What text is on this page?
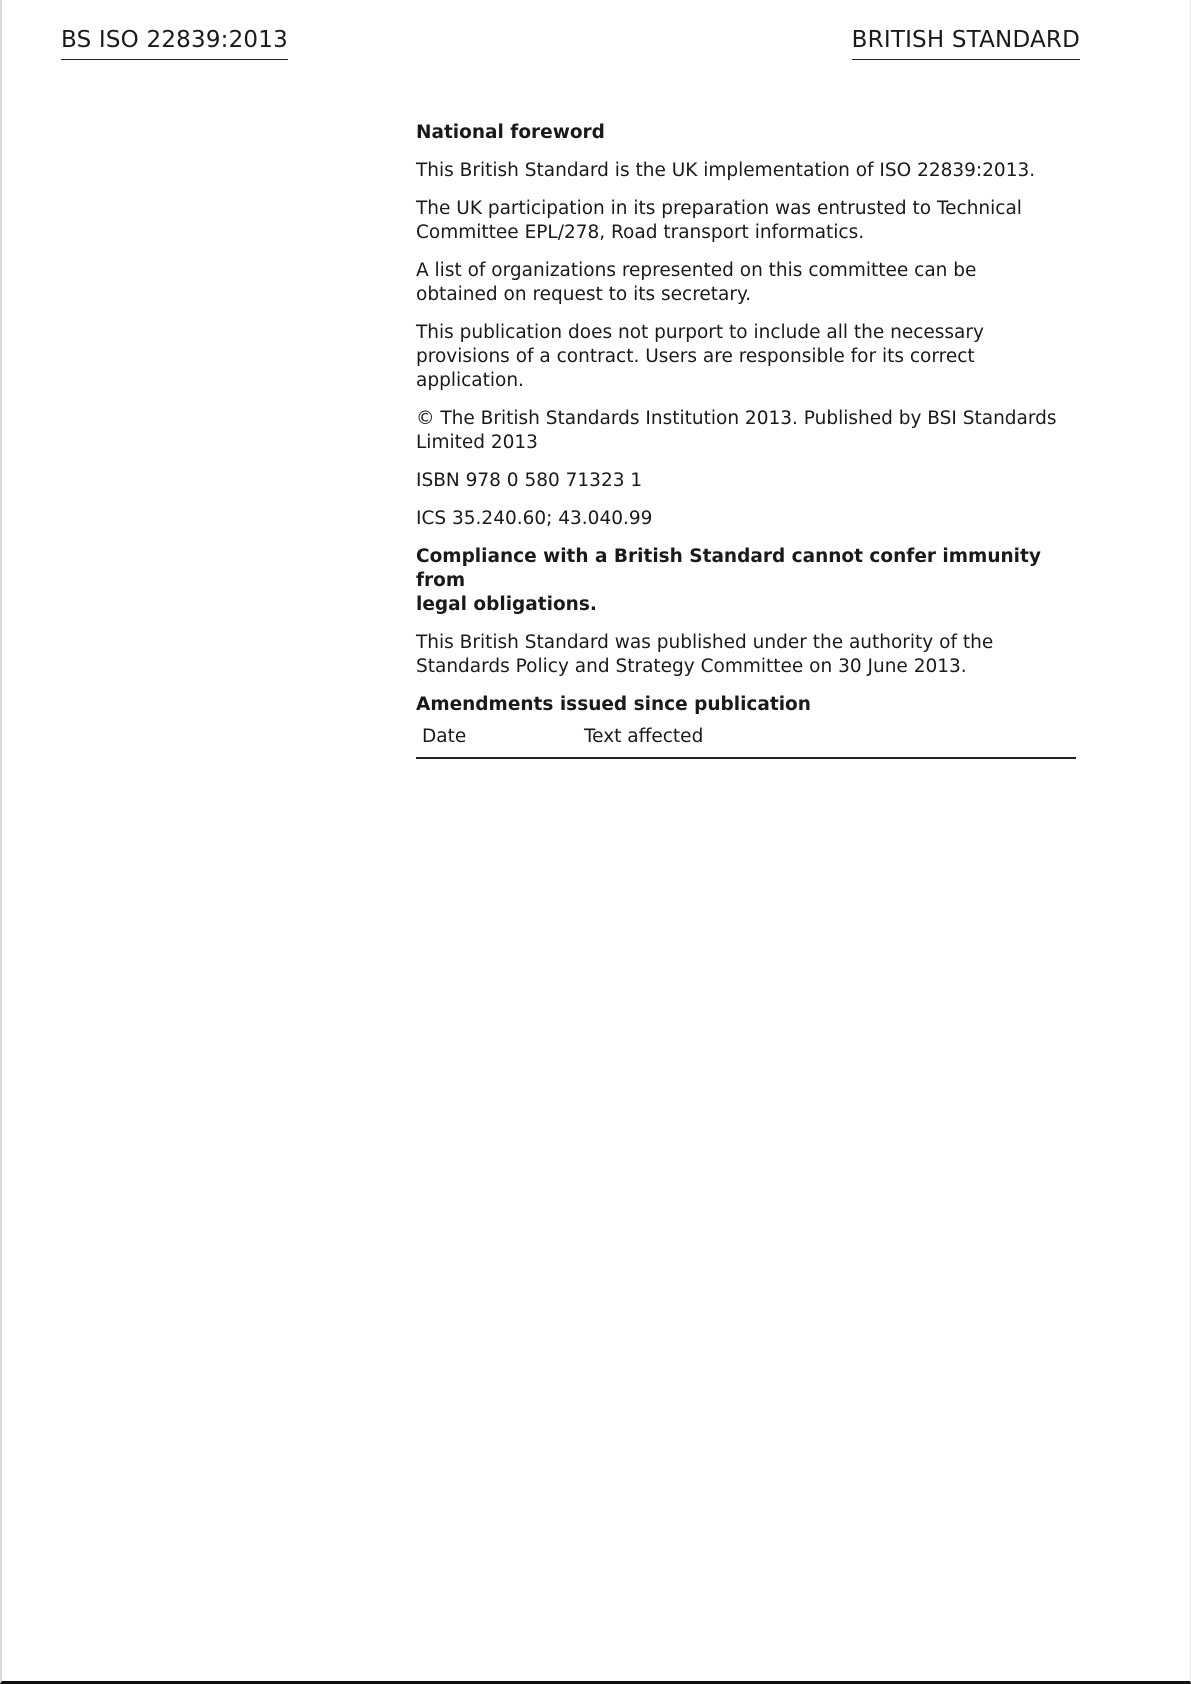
BS ISO 22839:2013	BRITISH STANDARD
National foreword
This British Standard is the UK implementation of ISO 22839:2013.
The UK participation in its preparation was entrusted to Technical
Committee EPL/278, Road transport informatics.
A list of organizations represented on this committee can be
obtained on request to its secretary.
This publication does not purport to include all the necessary
provisions of a contract. Users are responsible for its correct
application.
© The British Standards Institution 2013. Published by BSI Standards
Limited 2013
ISBN 978 0 580 71323 1
ICS 35.240.60; 43.040.99
Compliance with a British Standard cannot confer immunity from
legal obligations.
This British Standard was published under the authority of the
Standards Policy and Strategy Committee on 30 June 2013.
Amendments issued since publication
Date	Text affected
